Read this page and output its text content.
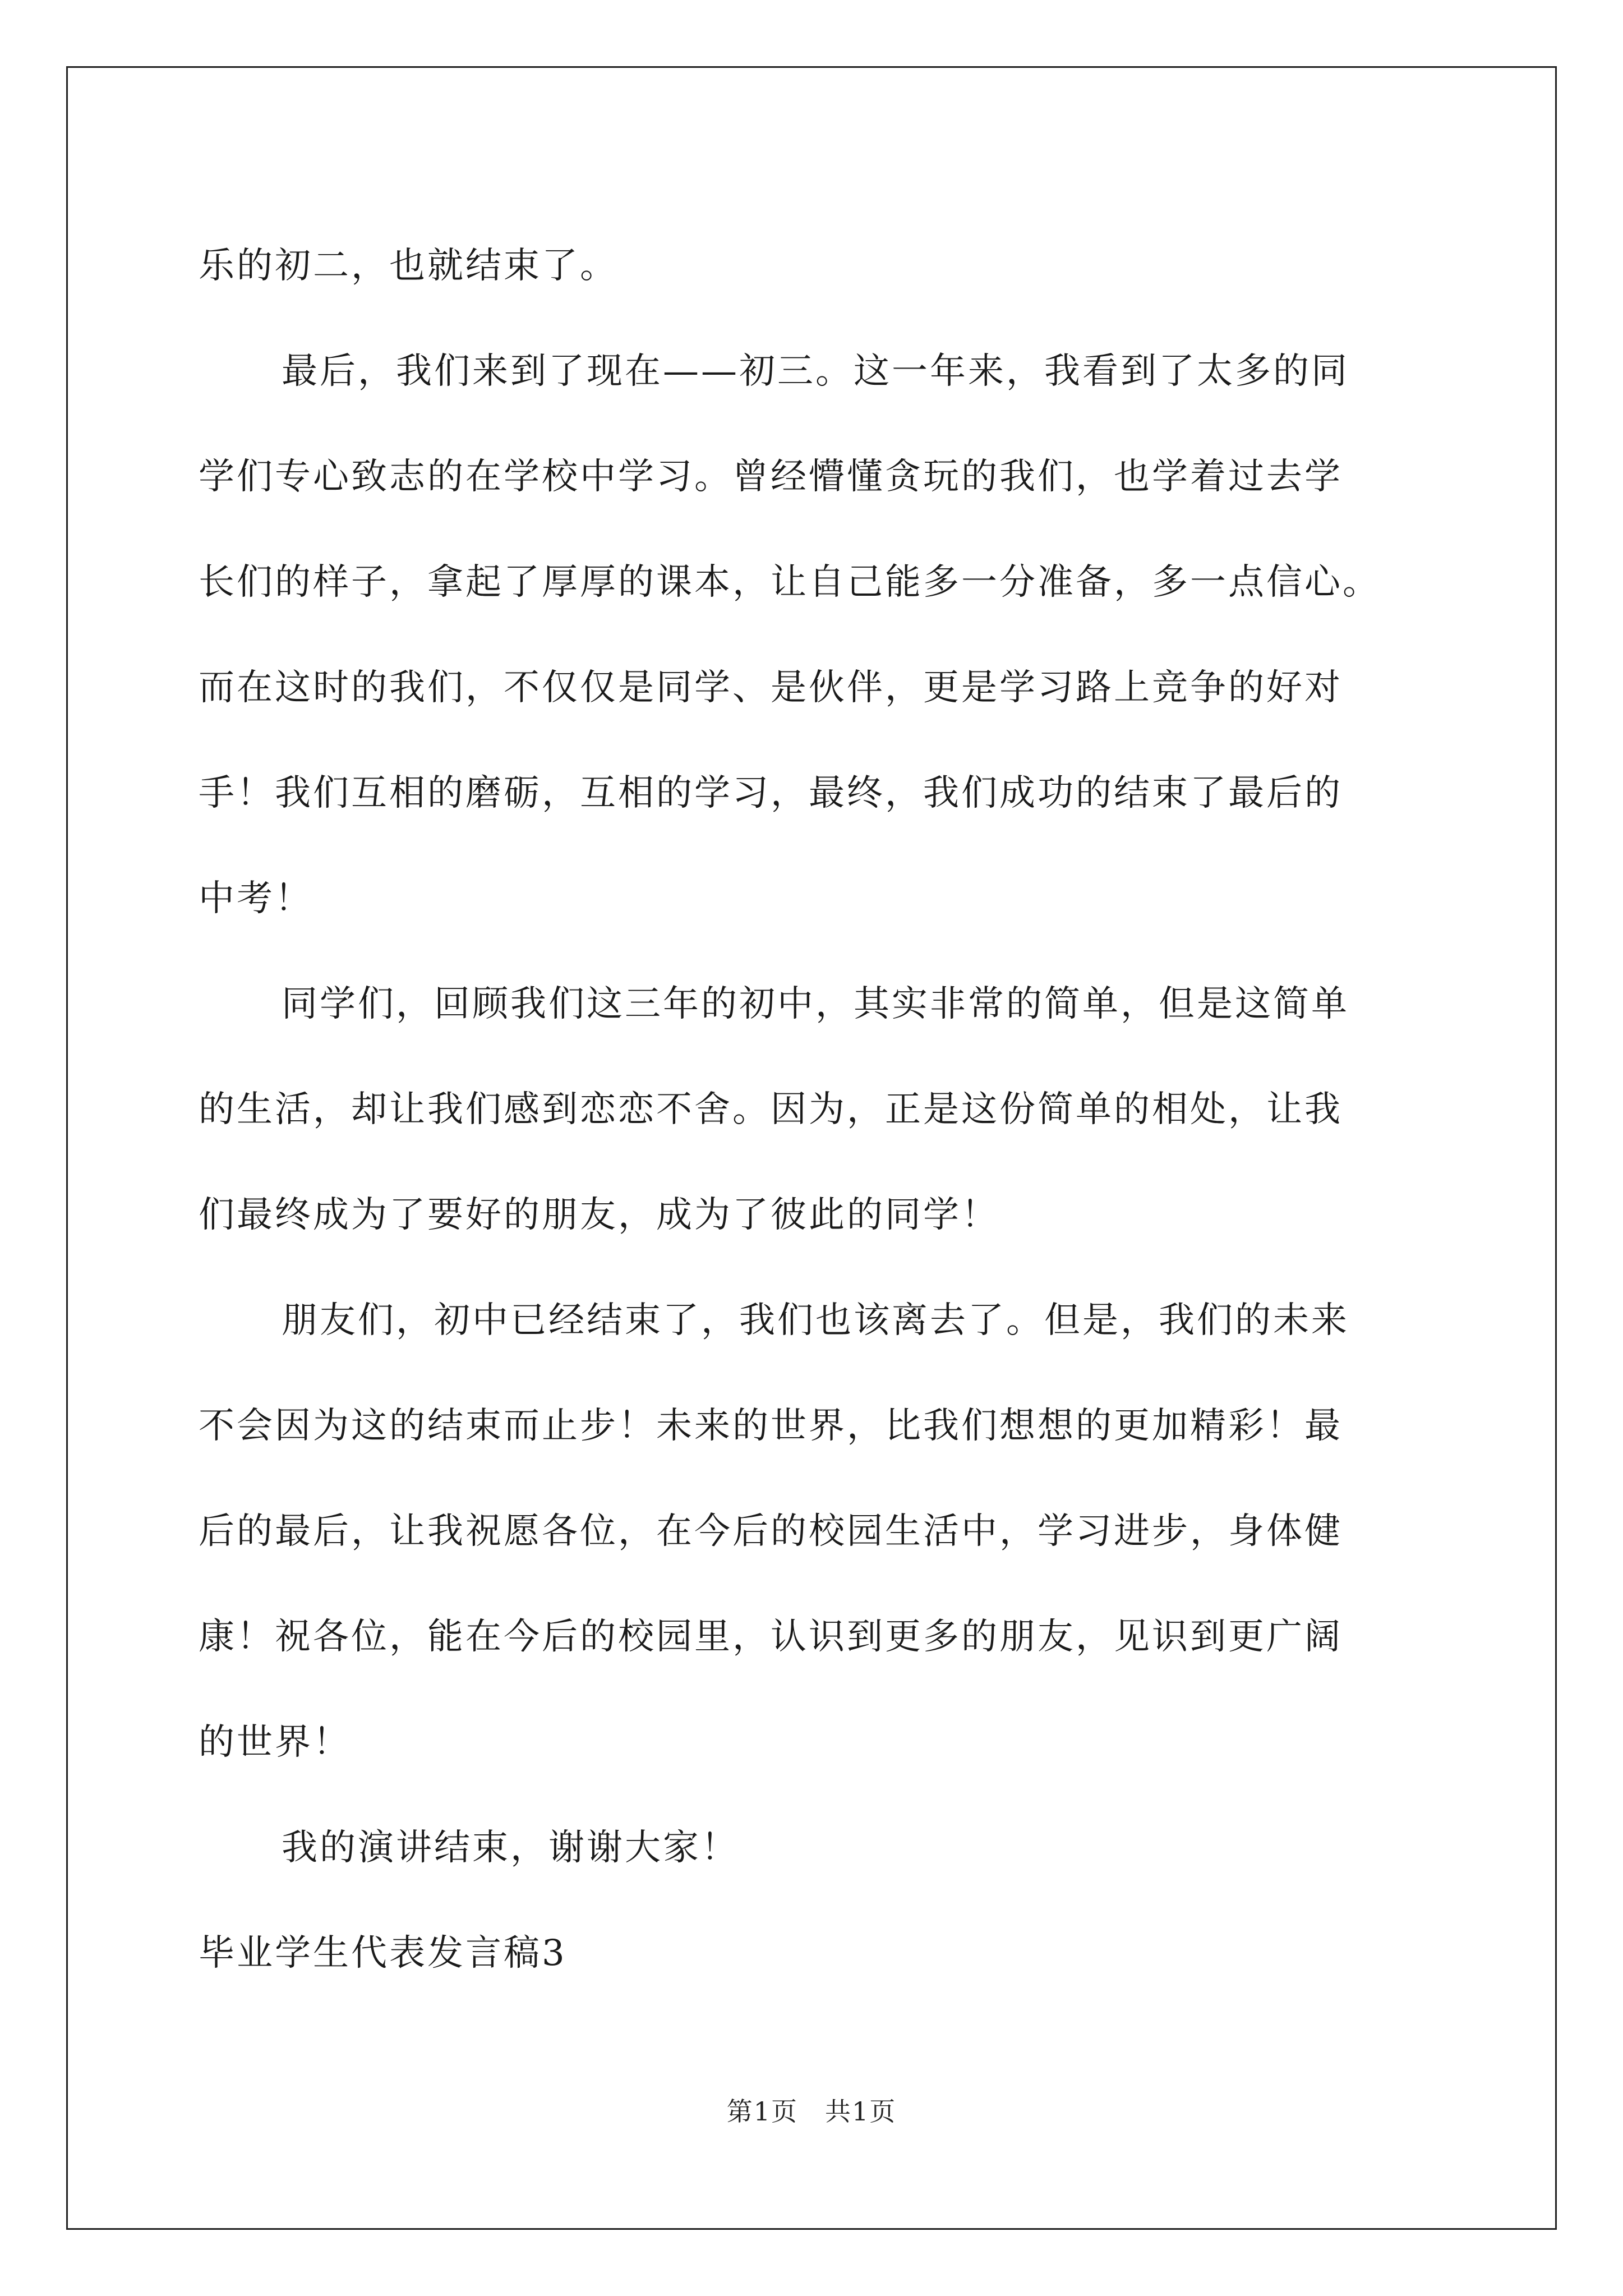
乐的初二，也就结束了。
最后，我们来到了现在——初三。这一年来，我看到了太多的同
学们专心致志的在学校中学习。曾经懵懂贪玩的我们，也学着过去学
长们的样子，拿起了厚厚的课本，让自己能多一分准备，多一点信心。
而在这时的我们，不仅仅是同学、是伙伴，更是学习路上竞争的好对
手！我们互相的磨砺，互相的学习，最终，我们成功的结束了最后的
中考！
同学们，回顾我们这三年的初中，其实非常的简单，但是这简单
的生活，却让我们感到恋恋不舍。因为，正是这份简单的相处，让我
们最终成为了要好的朋友，成为了彼此的同学！
朋友们，初中已经结束了，我们也该离去了。但是，我们的未来
不会因为这的结束而止步！未来的世界，比我们想想的更加精彩！最
后的最后，让我祝愿各位，在今后的校园生活中，学习进步，身体健
康！祝各位，能在今后的校园里，认识到更多的朋友，见识到更广阔
的世界！
我的演讲结束，谢谢大家！
毕业学生代表发言稿3
第1页 共1页
